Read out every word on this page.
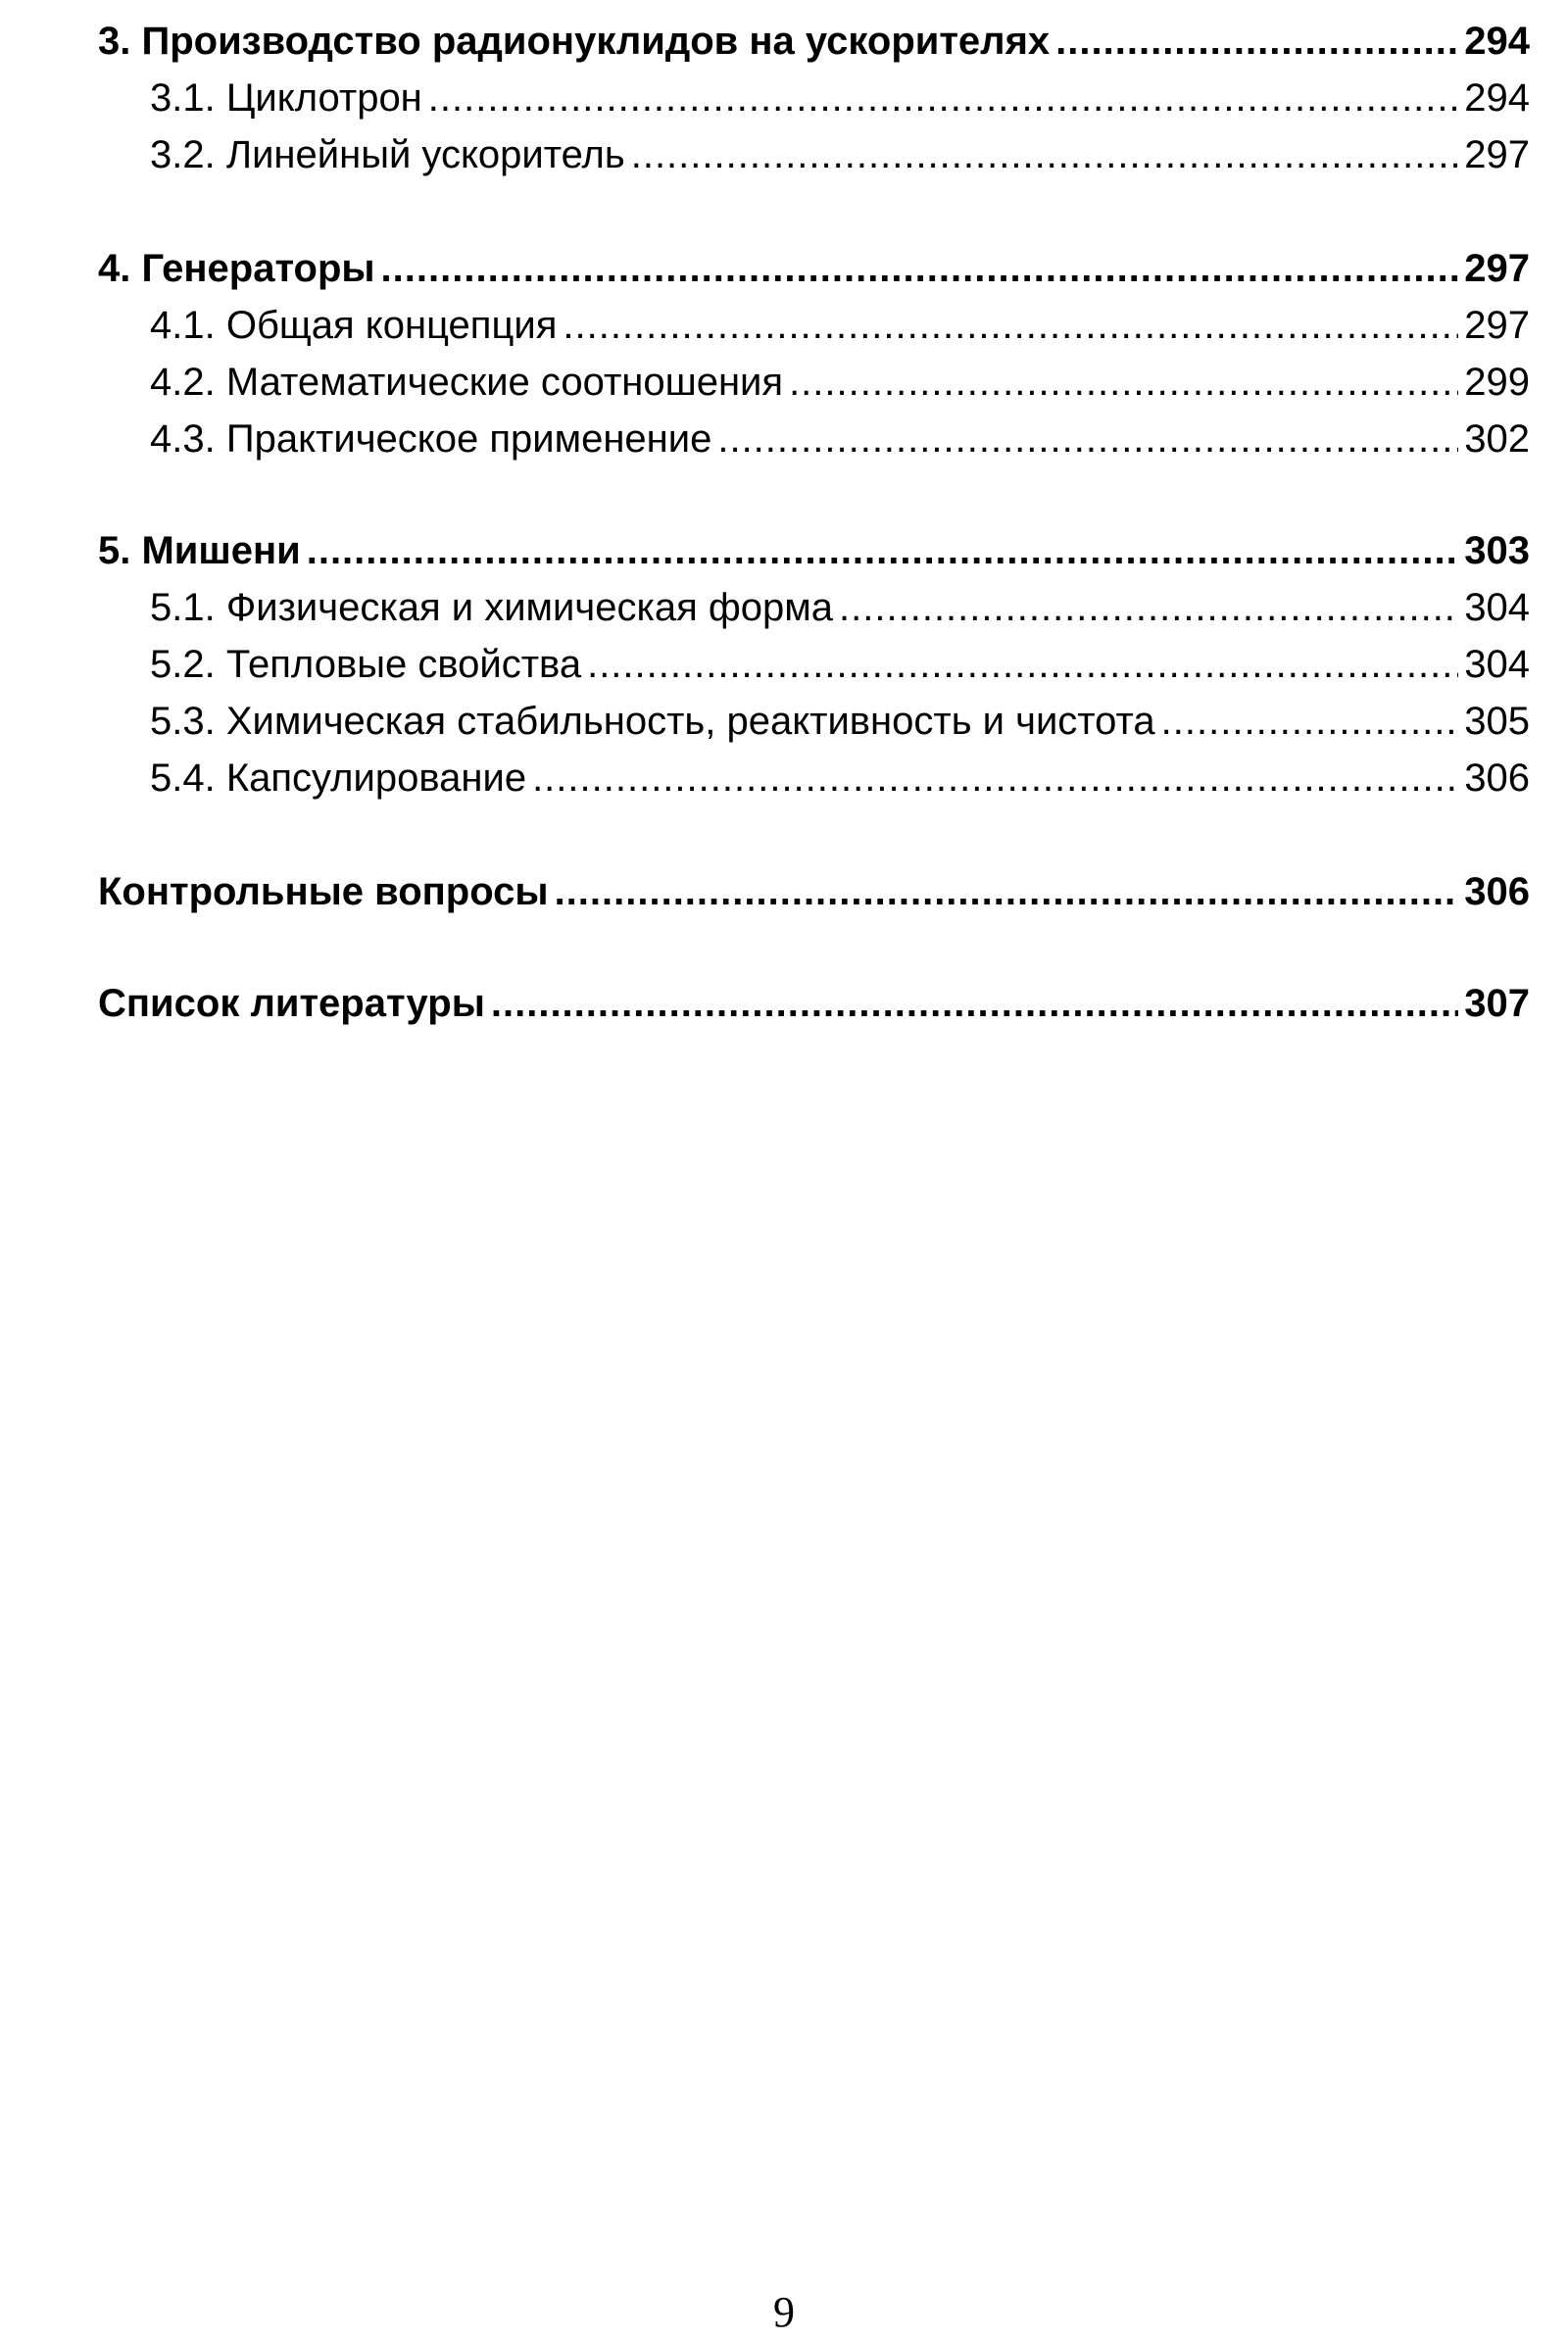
3. Производство радионуклидов на ускорителях .....	294
3.1. Циклотрон .....	294
3.2. Линейный ускоритель .....	297
4. Генераторы .....	297
4.1. Общая концепция .....	297
4.2. Математические соотношения .....	299
4.3. Практическое применение .....	302
5. Мишени .....	303
5.1. Физическая и химическая форма .....	304
5.2. Тепловые свойства .....	304
5.3. Химическая стабильность, реактивность и чистота .....	305
5.4. Капсулирование .....	306
Контрольные вопросы .....	306
Список литературы .....	307
9
